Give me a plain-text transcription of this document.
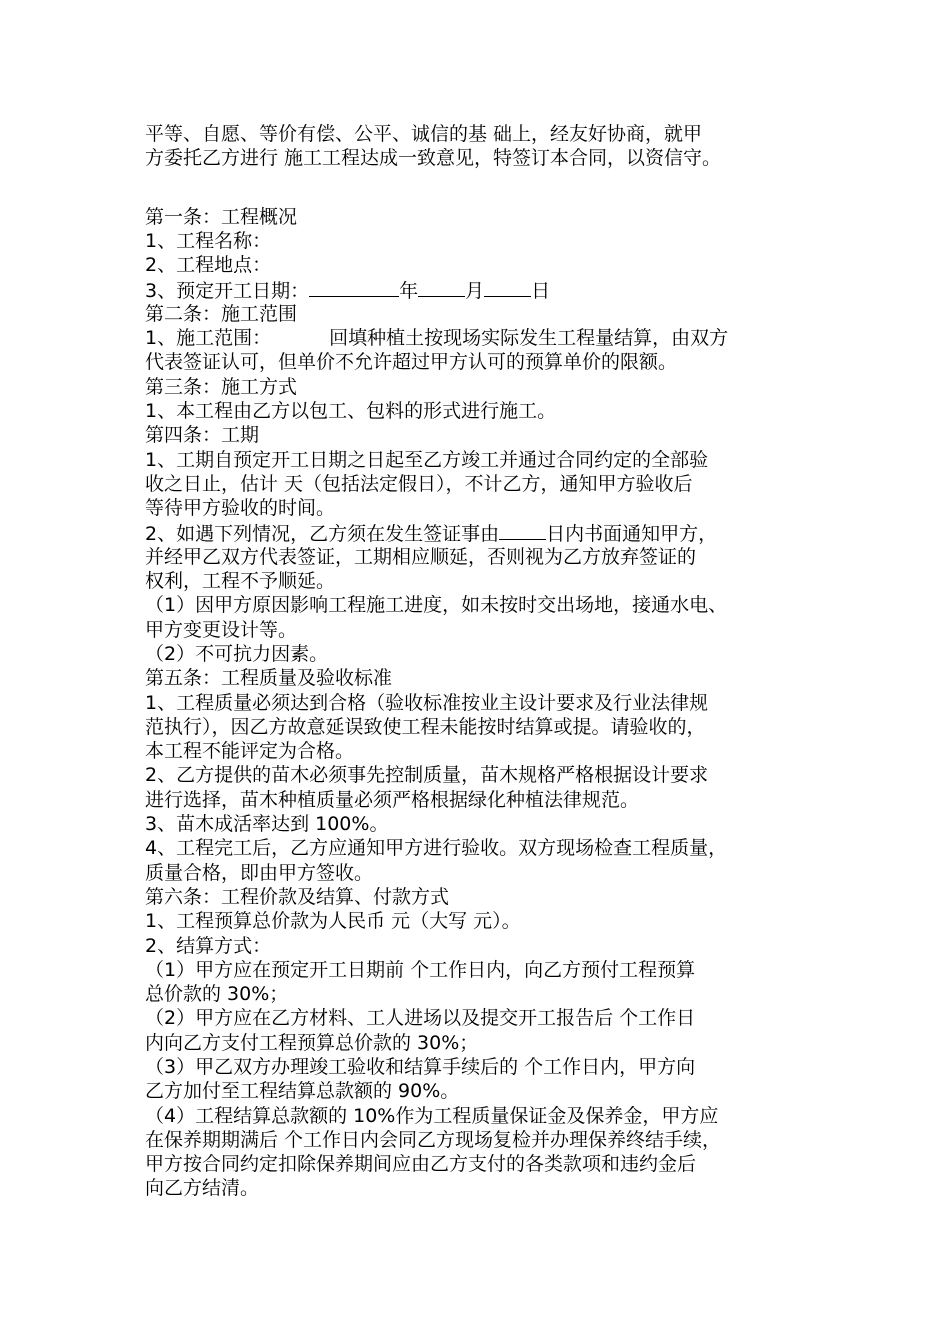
平等、自愿、等价有偿、公平、诚信的基 础上，经友好协商，就甲
方委托乙方进行 施工工程达成一致意见，特签订本合同，以资信守。
第一条：工程概况
1、工程名称：
2、工程地点：
3、预定开工日期：	年 月 日
第二条：施工范围
1、施工范围：	回填种植土按现场实际发生工程量结算，由双方
代表签证认可，但单价不允许超过甲方认可的预算单价的限额。
第三条：施工方式
1、本工程由乙方以包工、包料的形式进行施工。
第四条：工期
1、工期自预定开工日期之日起至乙方竣工并通过合同约定的全部验
收之日止，估计 天（包括法定假日），不计乙方，通知甲方验收后
等待甲方验收的时间。
2、如遇下列情况，乙方须在发生签证事由 日内书面通知甲方，
并经甲乙双方代表签证，工期相应顺延，否则视为乙方放弃签证的
权利，工程不予顺延。
（1）因甲方原因影响工程施工进度，如未按时交出场地，接通水电、
甲方变更设计等。
（2）不可抗力因素。
第五条：工程质量及验收标准
1、工程质量必须达到合格（验收标准按业主设计要求及行业法律规
范执行），因乙方故意延误致使工程未能按时结算或提。请验收的，
本工程不能评定为合格。
2、乙方提供的苗木必须事先控制质量，苗木规格严格根据设计要求
进行选择，苗木种植质量必须严格根据绿化种植法律规范。
3、苗木成活率达到 100%。
4、工程完工后，乙方应通知甲方进行验收。双方现场检查工程质量，
质量合格，即由甲方签收。
第六条：工程价款及结算、付款方式
1、工程预算总价款为人民币 元（大写 元）。
2、结算方式：
（1）甲方应在预定开工日期前 个工作日内，向乙方预付工程预算
总价款的 30%；
（2）甲方应在乙方材料、工人进场以及提交开工报告后 个工作日
内向乙方支付工程预算总价款的 30%；
（3）甲乙双方办理竣工验收和结算手续后的 个工作日内，甲方向
乙方加付至工程结算总款额的 90%。
（4）工程结算总款额的 10%作为工程质量保证金及保养金，甲方应
在保养期期满后 个工作日内会同乙方现场复检并办理保养终结手续，
甲方按合同约定扣除保养期间应由乙方支付的各类款项和违约金后
向乙方结清。
